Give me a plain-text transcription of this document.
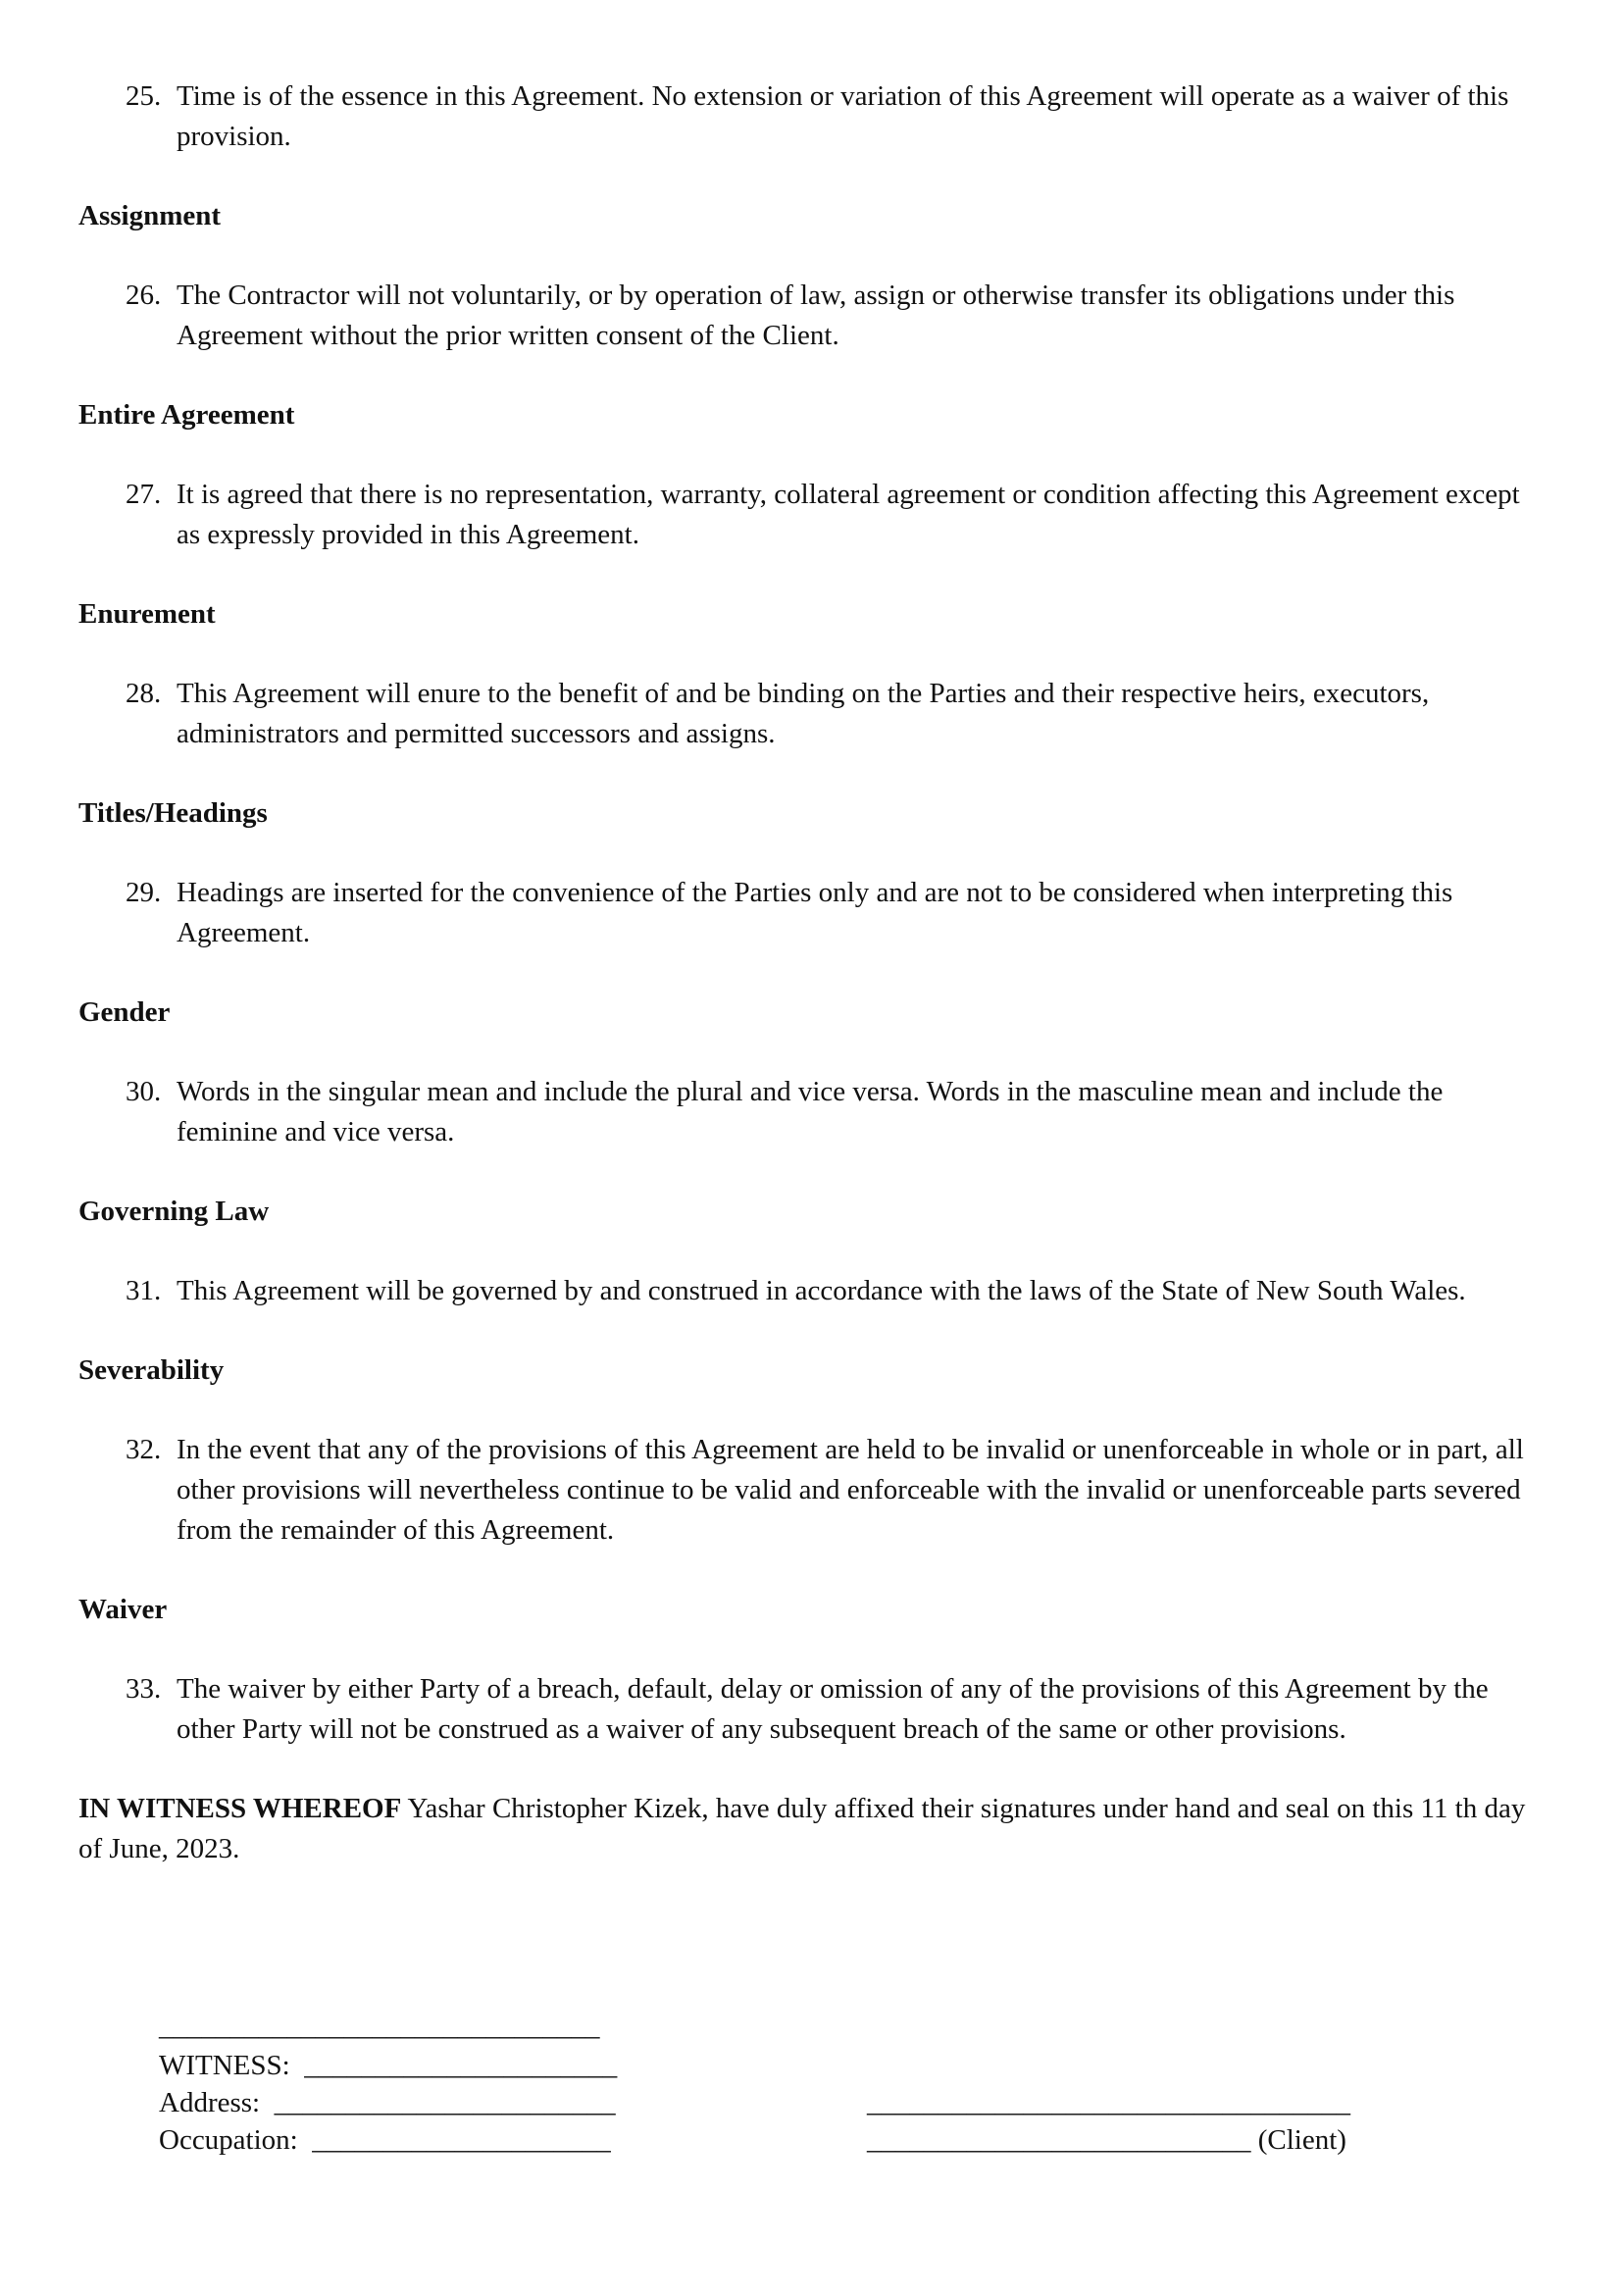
25. Time is of the essence in this Agreement. No extension or variation of this Agreement will operate as a waiver of this provision.
Assignment
26. The Contractor will not voluntarily, or by operation of law, assign or otherwise transfer its obligations under this Agreement without the prior written consent of the Client.
Entire Agreement
27. It is agreed that there is no representation, warranty, collateral agreement or condition affecting this Agreement except as expressly provided in this Agreement.
Enurement
28. This Agreement will enure to the benefit of and be binding on the Parties and their respective heirs, executors, administrators and permitted successors and assigns.
Titles/Headings
29. Headings are inserted for the convenience of the Parties only and are not to be considered when interpreting this Agreement.
Gender
30. Words in the singular mean and include the plural and vice versa. Words in the masculine mean and include the feminine and vice versa.
Governing Law
31. This Agreement will be governed by and construed in accordance with the laws of the State of New South Wales.
Severability
32. In the event that any of the provisions of this Agreement are held to be invalid or unenforceable in whole or in part, all other provisions will nevertheless continue to be valid and enforceable with the invalid or unenforceable parts severed from the remainder of this Agreement.
Waiver
33. The waiver by either Party of a breach, default, delay or omission of any of the provisions of this Agreement by the other Party will not be construed as a waiver of any subsequent breach of the same or other provisions.
IN WITNESS WHEREOF Yashar Christopher Kizek, have duly affixed their signatures under hand and seal on this 11 th day of June, 2023.
_______________________________
WITNESS: ______________________
Address: ________________________
Occupation: _____________________
__________________________________
___________________________ (Client)
